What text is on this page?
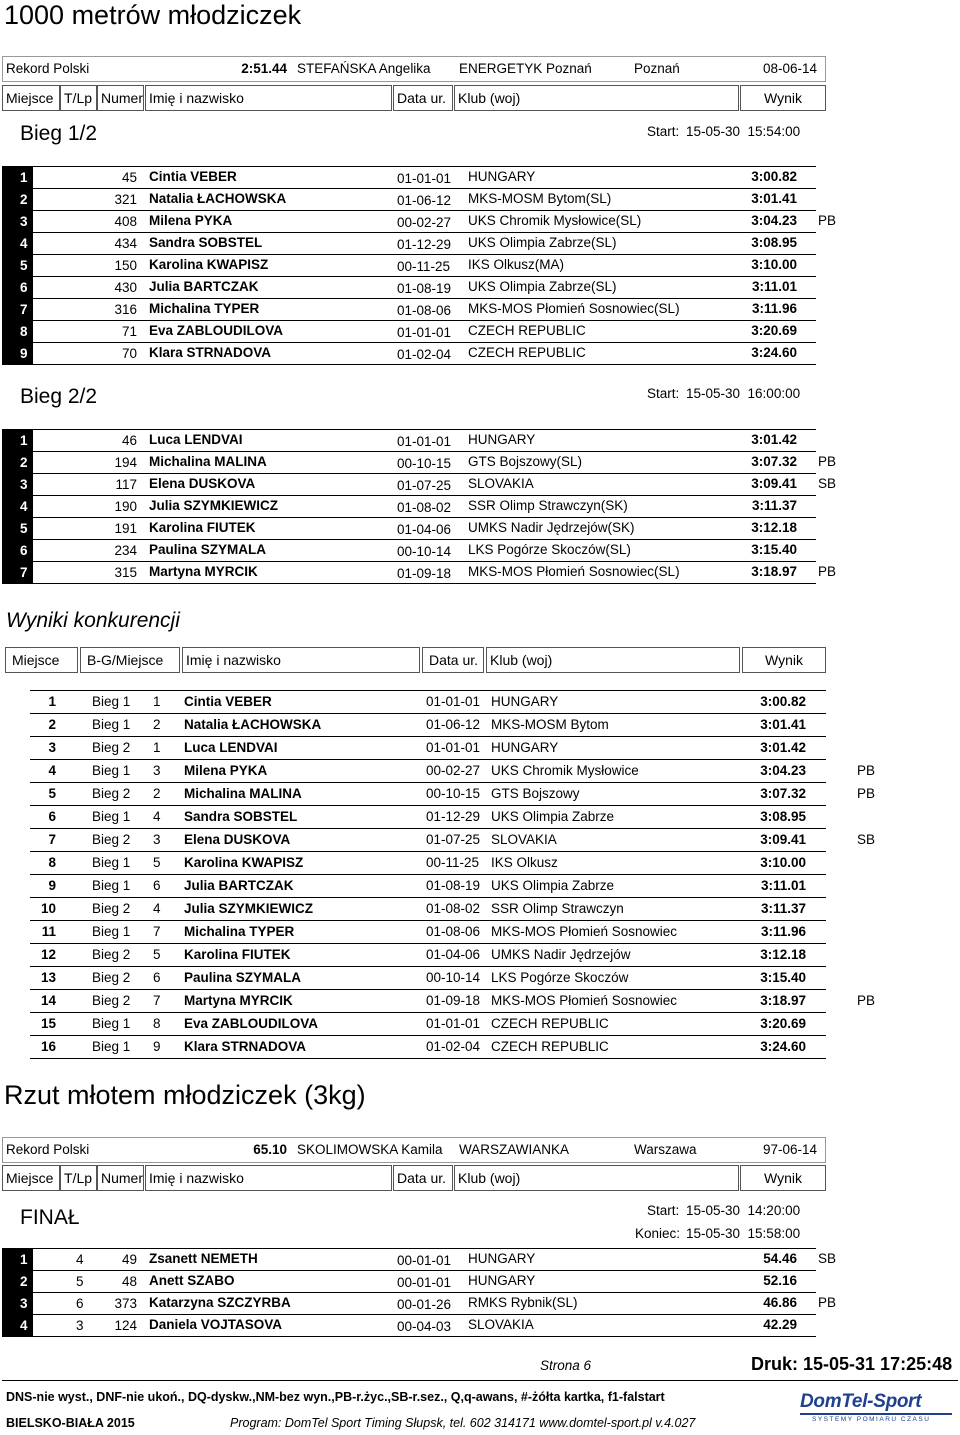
1000 metrów młodziczek
Rekord Polski	2:51.44 STEFAŃSKA Angelika ENERGETYK Poznań	Poznań	08-06-14
Miejsce T/Lp Numer Imię i nazwisko	Data ur. Klub (woj)	Wynik
Bieg 1/2	Start: 15-05-30  15:54:00
1	45 Cintia VEBER	01-01-01 HUNGARY	3:00.82
2	321 Natalia ŁACHOWSKA	01-06-12 MKS-MOSM Bytom(SL)	3:01.41
3	408 Milena PYKA	00-02-27 UKS Chromik Mysłowice(SL)	3:04.23 PB
4	434 Sandra SOBSTEL	01-12-29 UKS Olimpia Zabrze(SL)	3:08.95
5	150 Karolina KWAPISZ	00-11-25 IKS Olkusz(MA)	3:10.00
6	430 Julia BARTCZAK	01-08-19 UKS Olimpia Zabrze(SL)	3:11.01
7	316 Michalina TYPER	01-08-06 MKS-MOS Płomień Sosnowiec(SL)	3:11.96
8	71 Eva ZABLOUDILOVA	01-01-01 CZECH REPUBLIC	3:20.69
9	70 Klara STRNADOVA	01-02-04 CZECH REPUBLIC	3:24.60
Bieg 2/2	Start: 15-05-30  16:00:00
1	46 Luca LENDVAI	01-01-01 HUNGARY	3:01.42
2	194 Michalina MALINA	00-10-15 GTS Bojszowy(SL)	3:07.32 PB
3	117 Elena DUSKOVA	01-07-25 SLOVAKIA	3:09.41 SB
4	190 Julia SZYMKIEWICZ	01-08-02 SSR Olimp Strawczyn(SK)	3:11.37
5	191 Karolina FIUTEK	01-04-06 UMKS Nadir Jędrzejów(SK)	3:12.18
6	234 Paulina SZYMALA	00-10-14 LKS Pogórze Skoczów(SL)	3:15.40
7	315 Martyna MYRCIK	01-09-18 MKS-MOS Płomień Sosnowiec(SL)	3:18.97 PB
Wyniki konkurencji
Miejsce	B-G/Miejsce	Imię i nazwisko	Data ur. Klub (woj)	Wynik
1	Bieg 1 1 Cintia VEBER	01-01-01 HUNGARY	3:00.82
2	Bieg 1 2 Natalia ŁACHOWSKA	01-06-12 MKS-MOSM Bytom	3:01.41
3	Bieg 2 1 Luca LENDVAI	01-01-01 HUNGARY	3:01.42
4	Bieg 1 3 Milena PYKA	00-02-27 UKS Chromik Mysłowice	3:04.23	PB
5	Bieg 2 2 Michalina MALINA	00-10-15 GTS Bojszowy	3:07.32	PB
6	Bieg 1 4 Sandra SOBSTEL	01-12-29 UKS Olimpia Zabrze	3:08.95
7	Bieg 2 3 Elena DUSKOVA	01-07-25 SLOVAKIA	3:09.41	SB
8	Bieg 1 5 Karolina KWAPISZ	00-11-25 IKS Olkusz	3:10.00
9	Bieg 1 6 Julia BARTCZAK	01-08-19 UKS Olimpia Zabrze	3:11.01
10	Bieg 2 4 Julia SZYMKIEWICZ	01-08-02 SSR Olimp Strawczyn	3:11.37
11	Bieg 1 7 Michalina TYPER	01-08-06 MKS-MOS Płomień Sosnowiec	3:11.96
12	Bieg 2 5 Karolina FIUTEK	01-04-06 UMKS Nadir Jędrzejów	3:12.18
13	Bieg 2 6 Paulina SZYMALA	00-10-14 LKS Pogórze Skoczów	3:15.40
14	Bieg 2 7 Martyna MYRCIK	01-09-18 MKS-MOS Płomień Sosnowiec	3:18.97	PB
15	Bieg 1 8 Eva ZABLOUDILOVA	01-01-01 CZECH REPUBLIC	3:20.69
16	Bieg 1 9 Klara STRNADOVA	01-02-04 CZECH REPUBLIC	3:24.60
Rzut młotem młodziczek (3kg)
Rekord Polski	65.10 SKOLIMOWSKA Kamila WARSZAWIANKA	Warszawa	97-06-14
Miejsce T/Lp Numer Imię i nazwisko	Data ur. Klub (woj)	Wynik
FINAŁ	Start: 15-05-30  14:20:00
Koniec: 15-05-30  15:58:00
1	4	49 Zsanett NEMETH	00-01-01 HUNGARY	54.46 SB
2	5	48 Anett SZABO	00-01-01 HUNGARY	52.16
3	6	373 Katarzyna SZCZYRBA	00-01-26 RMKS Rybnik(SL)	46.86 PB
4	3	124 Daniela VOJTASOVA	00-04-03 SLOVAKIA	42.29
Strona 6	Druk: 15-05-31 17:25:48
DNS-nie wyst., DNF-nie ukoń., DQ-dyskw.,NM-bez wyn.,PB-r.życ.,SB-r.sez., Q,q-awans, #-żółta kartka, f1-falstart
BIELSKO-BIAŁA 2015	Program: DomTel Sport Timing Słupsk, tel. 602 314171 www.domtel-sport.pl v.4.027
DomTel-Sport
SYSTEMY POMIARU CZASU
